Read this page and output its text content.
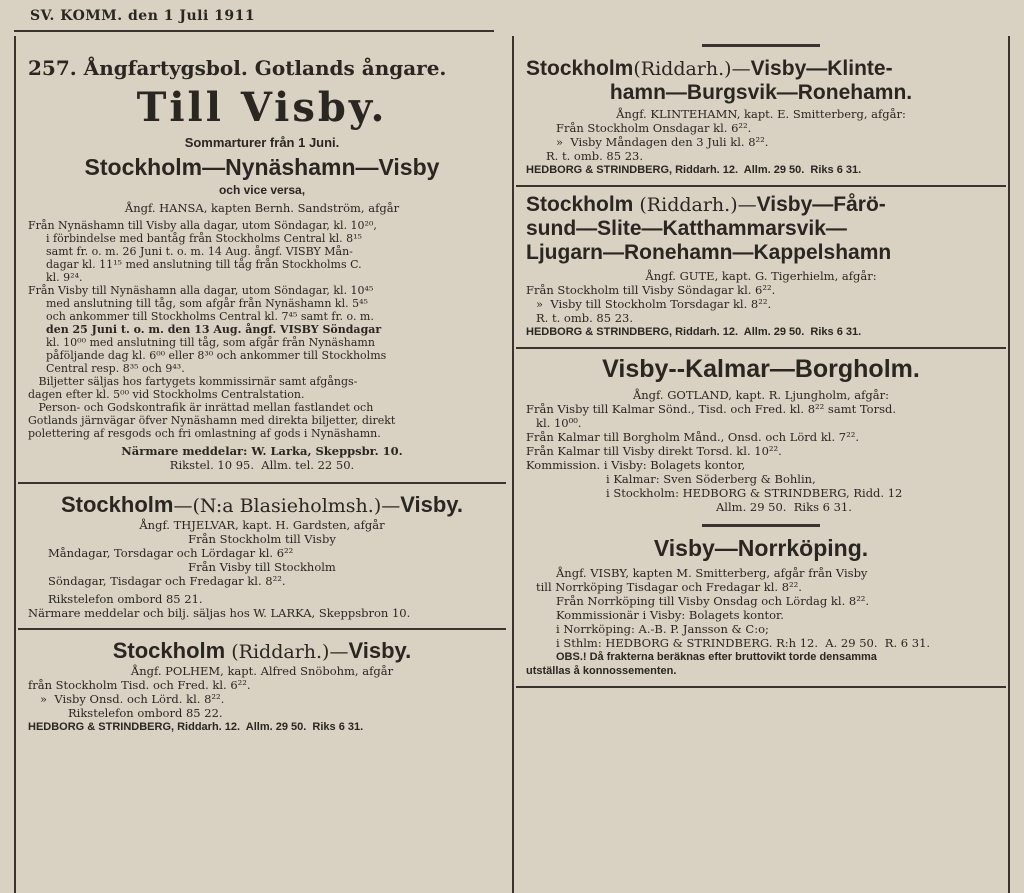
SV. KOMM. den 1 Juli 1911
257. Ångfartygsbol. Gotlands ångare.
Till Visby.
Sommarturer från 1 Juni.
Stockholm—Nynäshamn—Visby
och vice versa,
Ångf. HANSA, kapten Bernh. Sandström, afgår
Från Nynäshamn till Visby alla dagar, utom Söndagar, kl. 10²⁰,
i förbindelse med bantåg från Stockholms Central kl. 8¹⁵
samt fr. o. m. 26 Juni t. o. m. 14 Aug. ångf. VISBY Mån-
dagar kl. 11¹⁵ med anslutning till tåg från Stockholms C.
kl. 9²⁴.
Från Visby till Nynäshamn alla dagar, utom Söndagar, kl. 10⁴⁵
med anslutning till tåg, som afgår från Nynäshamn kl. 5⁴⁵
och ankommer till Stockholms Central kl. 7⁴⁵ samt fr. o. m.
den 25 Juni t. o. m. den 13 Aug. ångf. VISBY Söndagar
kl. 10⁰⁰ med anslutning till tåg, som afgår från Nynäshamn
påföljande dag kl. 6⁰⁰ eller 8³⁰ och ankommer till Stockholms
Central resp. 8³⁵ och 9⁴³.
Biljetter säljas hos fartygets kommissirnär samt afgångs-
dagen efter kl. 5⁰⁰ vid Stockholms Centralstation.
Person- och Godskontrafik är inrättad mellan fastlandet och
Gotlands järnvägar öfver Nynäshamn med direkta biljetter, direkt
polettering af resgods och fri omlastning af gods i Nynäshamn.
Närmare meddelar: W. Larka, Skeppsbr. 10.
Rikstel. 10 95.  Allm. tel. 22 50.
Stockholm—(N:a Blasieholmsh.)—Visby.
Ångf. THJELVAR, kapt. H. Gardsten, afgår
Från Stockholm till Visby
Måndagar, Torsdagar och Lördagar kl. 6²²
Från Visby till Stockholm
Söndagar, Tisdagar och Fredagar kl. 8²².
Rikstelefon ombord 85 21.
Närmare meddelar och bilj. säljas hos W. LARKA, Skeppsbron 10.
Stockholm (Riddarh.)—Visby.
Ångf. POLHEM, kapt. Alfred Snöbohm, afgår
från Stockholm Tisd. och Fred. kl. 6²².
»  Visby Onsd. och Lörd. kl. 8²².
Rikstelefon ombord 85 22.
HEDBORG & STRINDBERG, Riddarh. 12.  Allm. 29 50.  Riks 6 31.
Stockholm(Riddarh.)—Visby—Klinte-
hamn—Burgsvik—Ronehamn.
Ångf. KLINTEHAMN, kapt. E. Smitterberg, afgår:
Från Stockholm Onsdagar kl. 6²².
»  Visby Måndagen den 3 Juli kl. 8²².
R. t. omb. 85 23.
HEDBORG & STRINDBERG, Riddarh. 12.  Allm. 29 50.  Riks 6 31.
Stockholm (Riddarh.)—Visby—Fårö-
sund—Slite—Katthammarsvik—
Ljugarn—Ronehamn—Kappelshamn
Ångf. GUTE, kapt. G. Tigerhielm, afgår:
Från Stockholm till Visby Söndagar kl. 6²².
»  Visby till Stockholm Torsdagar kl. 8²².
R. t. omb. 85 23.
HEDBORG & STRINDBERG, Riddarh. 12.  Allm. 29 50.  Riks 6 31.
Visby--Kalmar—Borgholm.
Ångf. GOTLAND, kapt. R. Ljungholm, afgår:
Från Visby till Kalmar Sönd., Tisd. och Fred. kl. 8²² samt Torsd.
kl. 10⁰⁰.
Från Kalmar till Borgholm Månd., Onsd. och Lörd kl. 7²².
Från Kalmar till Visby direkt Torsd. kl. 10²².
Kommission. i Visby: Bolagets kontor,
i Kalmar: Sven Söderberg & Bohlin,
i Stockholm: HEDBORG & STRINDBERG, Ridd. 12
Allm. 29 50.  Riks 6 31.
Visby—Norrköping.
Ångf. VISBY, kapten M. Smitterberg, afgår från Visby
till Norrköping Tisdagar och Fredagar kl. 8²².
Från Norrköping till Visby Onsdag och Lördag kl. 8²².
Kommissionär i Visby: Bolagets kontor.
i Norrköping: A.-B. P. Jansson & C:o;
i Sthlm: HEDBORG & STRINDBERG. R:h 12.  A. 29 50.  R. 6 31.
OBS.! Då frakterna beräknas efter bruttovikt torde densamma
utställas å konnossementen.
